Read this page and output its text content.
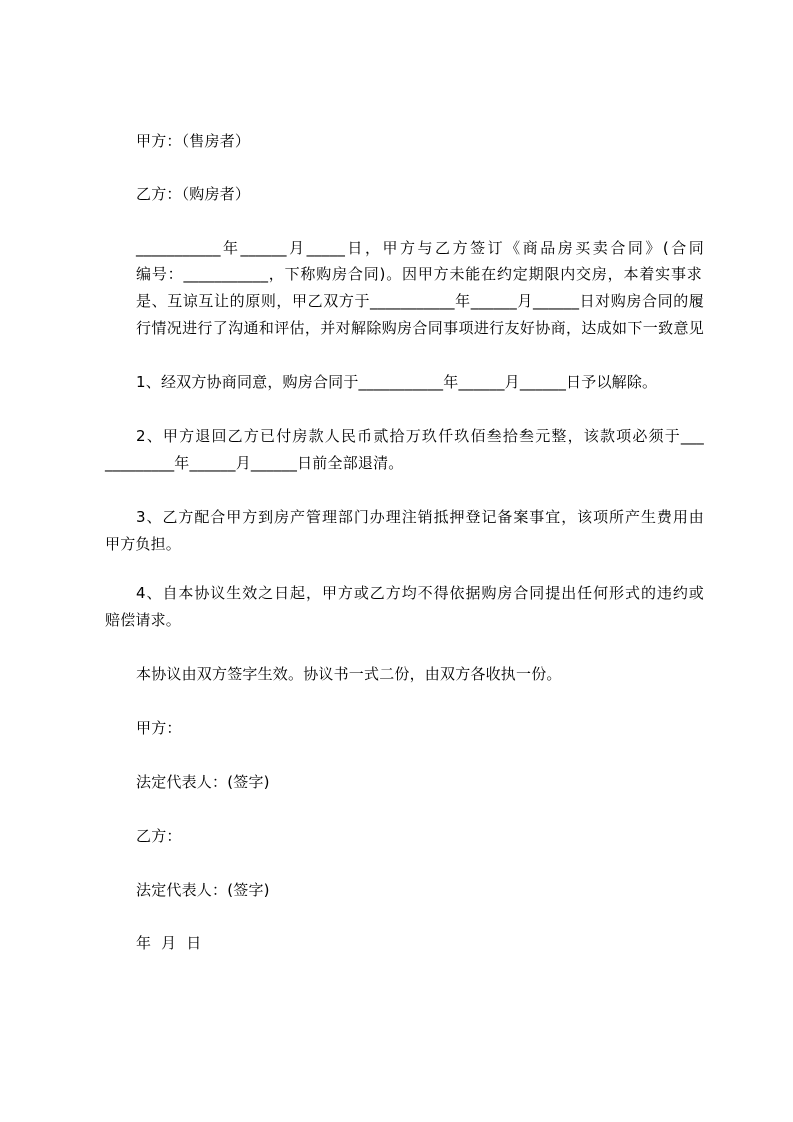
甲方：（售房者）
乙方：（购房者）
___________年______月_____日，甲方与乙方签订《商品房买卖合同》(合同
编号：___________，下称购房合同)。因甲方未能在约定期限内交房，本着实事求
是、互谅互让的原则，甲乙双方于___________年______月______日对购房合同的履
行情况进行了沟通和评估，并对解除购房合同事项进行友好协商，达成如下一致意见
1、经双方协商同意，购房合同于___________年______月______日予以解除。
2、甲方退回乙方已付房款人民币贰拾万玖仟玖佰叁拾叁元整，该款项必须于___
_________年______月______日前全部退清。
3、乙方配合甲方到房产管理部门办理注销抵押登记备案事宜，该项所产生费用由
甲方负担。
4、自本协议生效之日起，甲方或乙方均不得依据购房合同提出任何形式的违约或
赔偿请求。
本协议由双方签字生效。协议书一式二份，由双方各收执一份。
甲方：
法定代表人：(签字)
乙方：
法定代表人：(签字)
年  月  日
